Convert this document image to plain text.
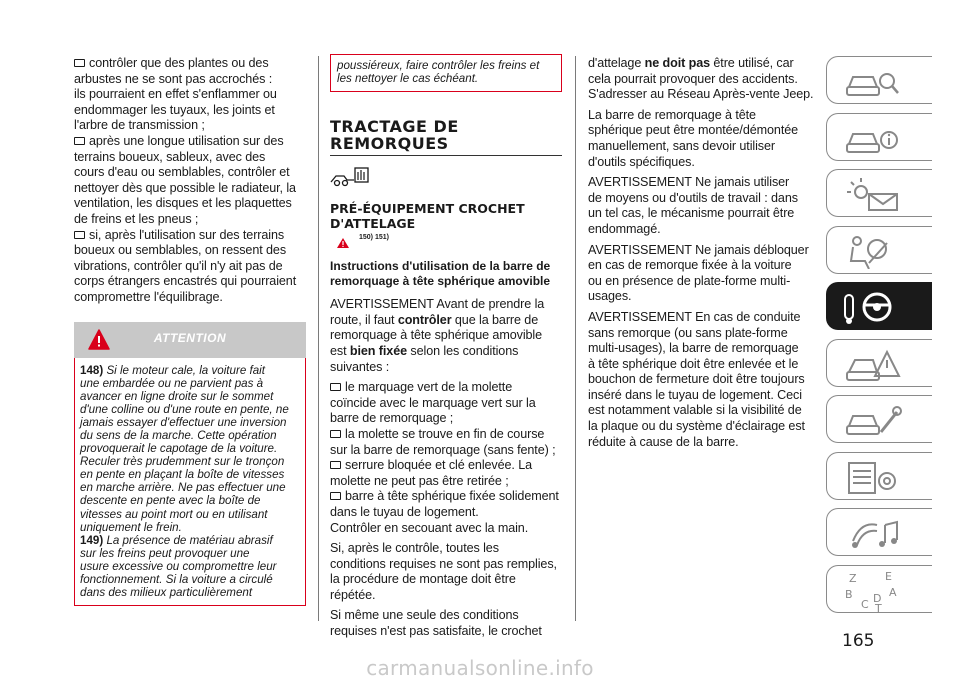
contrôler que des plantes ou des

arbustes ne se sont pas accrochés :

ils pourraient en effet s'enflammer ou

endommager les tuyaux, les joints et

l'arbre de transmission ;

après une longue utilisation sur des

terrains boueux, sableux, avec des

cours d'eau ou semblables, contrôler et

nettoyer dès que possible le radiateur, la

ventilation, les disques et les plaquettes

de freins et les pneus ;

si, après l'utilisation sur des terrains

boueux ou semblables, on ressent des

vibrations, contrôler qu'il n'y ait pas de

corps étrangers encastrés qui pourraient

compromettre l'équilibrage.

ATTENTION

148) Si le moteur cale, la voiture fait

une embardée ou ne parvient pas à

avancer en ligne droite sur le sommet

d'une colline ou d'une route en pente, ne

jamais essayer d'effectuer une inversion

du sens de la marche. Cette opération

provoquerait le capotage de la voiture.

Reculer très prudemment sur le tronçon

en pente en plaçant la boîte de vitesses

en marche arrière. Ne pas effectuer une

descente en pente avec la boîte de

vitesses au point mort ou en utilisant

uniquement le frein.

149) La présence de matériau abrasif

sur les freins peut provoquer une

usure excessive ou compromettre leur

fonctionnement. Si la voiture a circulé

dans des milieux particulièrement

poussiéreux, faire contrôler les freins et

les nettoyer le cas échéant.

TRACTAGE DE

REMORQUES

PRÉ-ÉQUIPEMENT CROCHET

D'ATTELAGE

150) 151)

Instructions d'utilisation de la barre de

remorquage à tête sphérique amovible

AVERTISSEMENT Avant de prendre la

route, il faut contrôler que la barre de

remorquage à tête sphérique amovible

est bien fixée selon les conditions

suivantes :

le marquage vert de la molette

coïncide avec le marquage vert sur la

barre de remorquage ;

la molette se trouve en fin de course

sur la barre de remorquage (sans fente) ;

serrure bloquée et clé enlevée. La

molette ne peut pas être retirée ;

barre à tête sphérique fixée solidement

dans le tuyau de logement.

Contrôler en secouant avec la main.

Si, après le contrôle, toutes les

conditions requises ne sont pas remplies,

la procédure de montage doit être

répétée.

Si même une seule des conditions

requises n'est pas satisfaite, le crochet

d'attelage ne doit pas être utilisé, car

cela pourrait provoquer des accidents.

S'adresser au Réseau Après-vente Jeep.

La barre de remorquage à tête

sphérique peut être montée/démontée

manuellement, sans devoir utiliser

d'outils spécifiques.

AVERTISSEMENT Ne jamais utiliser

de moyens ou d'outils de travail : dans

un tel cas, le mécanisme pourrait être

endommagé.

AVERTISSEMENT Ne jamais débloquer

en cas de remorque fixée à la voiture

ou en présence de plate-forme multi-

usages.

AVERTISSEMENT En cas de conduite

sans remorque (ou sans plate-forme

multi-usages), la barre de remorquage

à tête sphérique doit être enlevée et le

bouchon de fermeture doit être toujours

inséré dans le tuyau de logement. Ceci

est notamment valable si la visibilité de

la plaque ou du système d'éclairage est

réduite à cause de la barre.

Z	E
B	A
C D
T
165
carmanualsonline.info
